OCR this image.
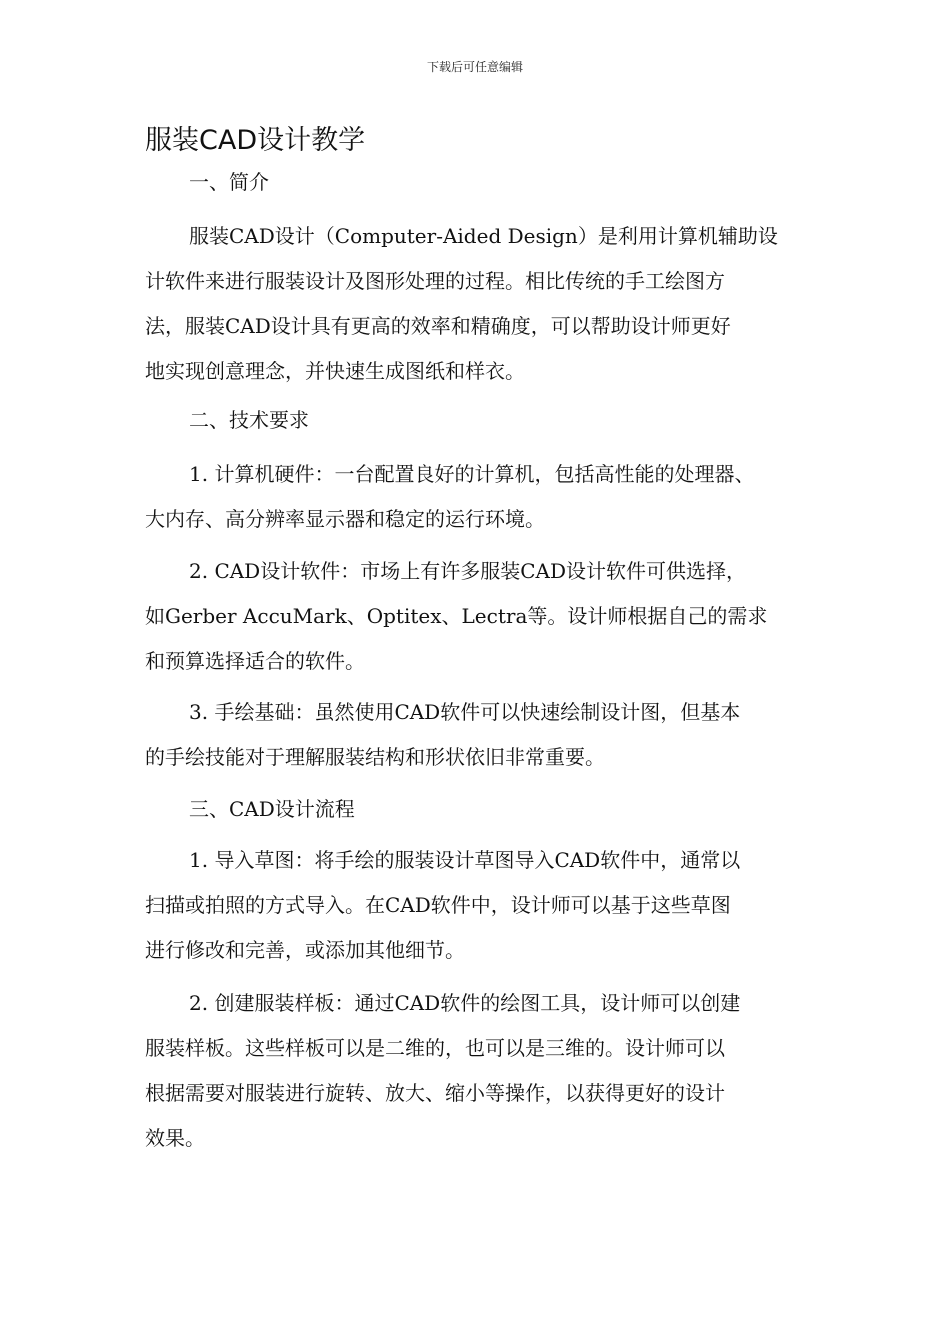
下载后可任意编辑
服装CAD设计教学
一、简介
服装CAD设计（Computer-Aided Design）是利用计算机辅助设
计软件来进行服装设计及图形处理的过程。相比传统的手工绘图方
法，服装CAD设计具有更高的效率和精确度，可以帮助设计师更好
地实现创意理念，并快速生成图纸和样衣。
二、技术要求
1. 计算机硬件：一台配置良好的计算机，包括高性能的处理器、
大内存、高分辨率显示器和稳定的运行环境。
2. CAD设计软件：市场上有许多服装CAD设计软件可供选择，
如Gerber AccuMark、Optitex、Lectra等。设计师根据自己的需求
和预算选择适合的软件。
3. 手绘基础：虽然使用CAD软件可以快速绘制设计图，但基本
的手绘技能对于理解服装结构和形状依旧非常重要。
三、CAD设计流程
1. 导入草图：将手绘的服装设计草图导入CAD软件中，通常以
扫描或拍照的方式导入。在CAD软件中，设计师可以基于这些草图
进行修改和完善，或添加其他细节。
2. 创建服装样板：通过CAD软件的绘图工具，设计师可以创建
服装样板。这些样板可以是二维的，也可以是三维的。设计师可以
根据需要对服装进行旋转、放大、缩小等操作，以获得更好的设计
效果。
